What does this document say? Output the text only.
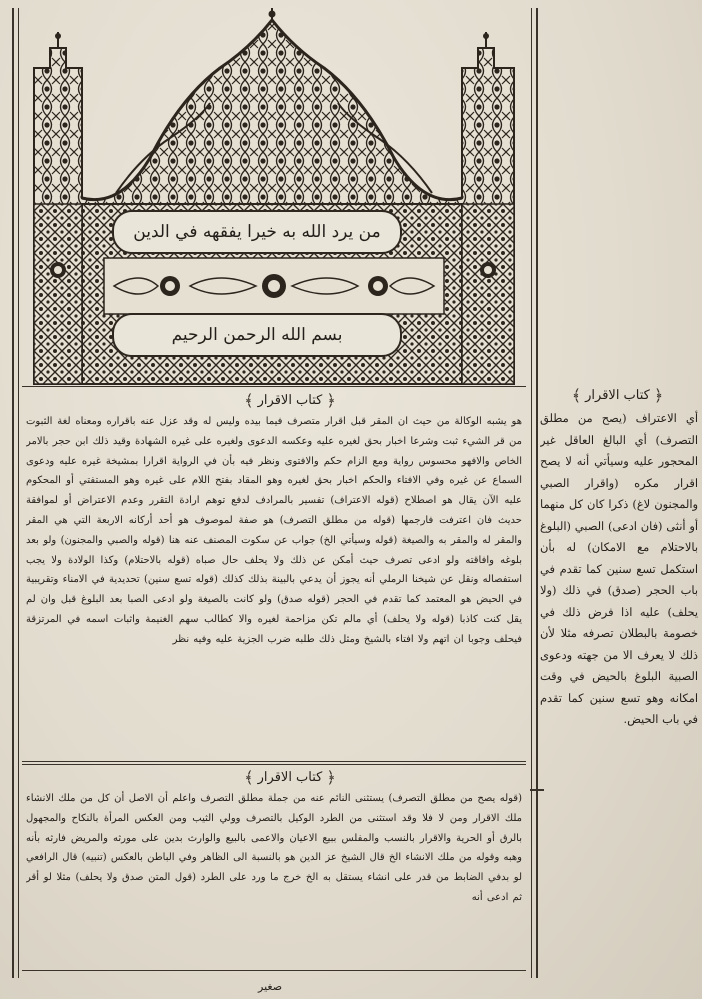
من يرد الله به خيرا يفقهه في الدين
بسم الله الرحمن الرحيم
﴿
كتاب الاقرار
﴾
هو يشبه الوكالة من حيث ان المقر قبل اقرار متصرف فيما بيده وليس له وقد عزل عنه باقراره ومعناه لغة الثبوت من قر الشيء ثبت وشرعا اخبار بحق لغيره عليه وعكسه الدعوى ولغيره على غيره الشهادة وقيد ذلك ابن حجر بالامر الخاص والافهو محسوس رواية ومع الزام حكم والافتوى ونظر فيه بأن في الرواية اقرارا بمشيخة غيره عليه ودعوى السماع عن غيره وفي الافتاء والحكم اخبار بحق لغيره وهو المقاد بفتح اللام على غيره وهو المستفتي أو المحكوم عليه الآن يقال هو اصطلاح (قوله الاعتراف) تفسير بالمرادف لدفع توهم ارادة التقرر وعدم الاعتراض أو لموافقة حديث فان اعترفت فارجمها (قوله من مطلق التصرف) هو صفة لموصوف هو أحد أركانه الاربعة التي هي المقر والمقر له والمقر به والصيغة (قوله وسيأتي الخ) جواب عن سكوت المصنف عنه هنا (قوله والصبي والمجنون) ولو بعد بلوغه وافاقته ولو ادعى تصرف حيث أمكن عن ذلك ولا يحلف حال صباه (قوله بالاحتلام) وكذا الولادة ولا يجب استفصاله ونقل عن شيخنا الرملي أنه يجوز أن يدعي بالبينة بذلك كذلك (قوله تسع سنين) تحديدية في الامناء وتقريبية في الحيض هو المعتمد كما تقدم في الحجر (قوله صدق) ولو كانت بالصيغة ولو ادعى الصبا بعد البلوغ قبل وان لم يقل كنت كاذبا (قوله ولا يحلف) أي مالم تكن مزاحمة لغيره والا كطالب سهم الغنيمة واثبات اسمه في المرتزقة فيحلف وجوبا ان اتهم ولا افتاء بالشيخ ومثل ذلك طلبه ضرب الجزية عليه وفيه نظر
﴿
كتاب الاقرار
﴾
(قوله يصح من مطلق التصرف) يستثنى النائم عنه من جملة مطلق التصرف واعلم أن الاصل أن كل من ملك الانشاء ملك الاقرار ومن لا فلا وقد استثنى من الطرد الوكيل بالتصرف وولي الثيب ومن العكس المرأة بالنكاح والمجهول بالرق أو الحرية والاقرار بالنسب والمفلس ببيع الاعيان والاعمى بالبيع والوارث بدين على مورثه والمريض فارثه بأنه وهبه وقوله من ملك الانشاء الخ قال الشيخ عز الدين هو بالنسبة الى الظاهر وفي الباطن بالعكس (تنبيه) قال الرافعي لو بدفي الضابط من قدر على انشاء يستقل به الخ خرج ما ورد على الطرد (قول المتن صدق ولا يحلف) مثلا لو أقر ثم ادعى أنه
﴿
كتاب الاقرار
﴾
أي الاعتراف (يصح من مطلق التصرف) أي البالغ العاقل غير المحجور عليه وسيأتي أنه لا يصح اقرار مكره (واقرار الصبي والمجنون لاغ) ذكرا كان كل منهما أو أنثى (فان ادعى) الصبي (البلوغ بالاحتلام مع الامكان) له بأن استكمل تسع سنين كما تقدم في باب الحجر (صدق) في ذلك (ولا يحلف) عليه اذا فرض ذلك في خصومة بالبطلان تصرفه مثلا لأن ذلك لا يعرف الا من جهته ودعوى الصبية البلوغ بالحيض في وقت امكانه وهو تسع سنين كما تقدم في باب الحيض.
صغير
